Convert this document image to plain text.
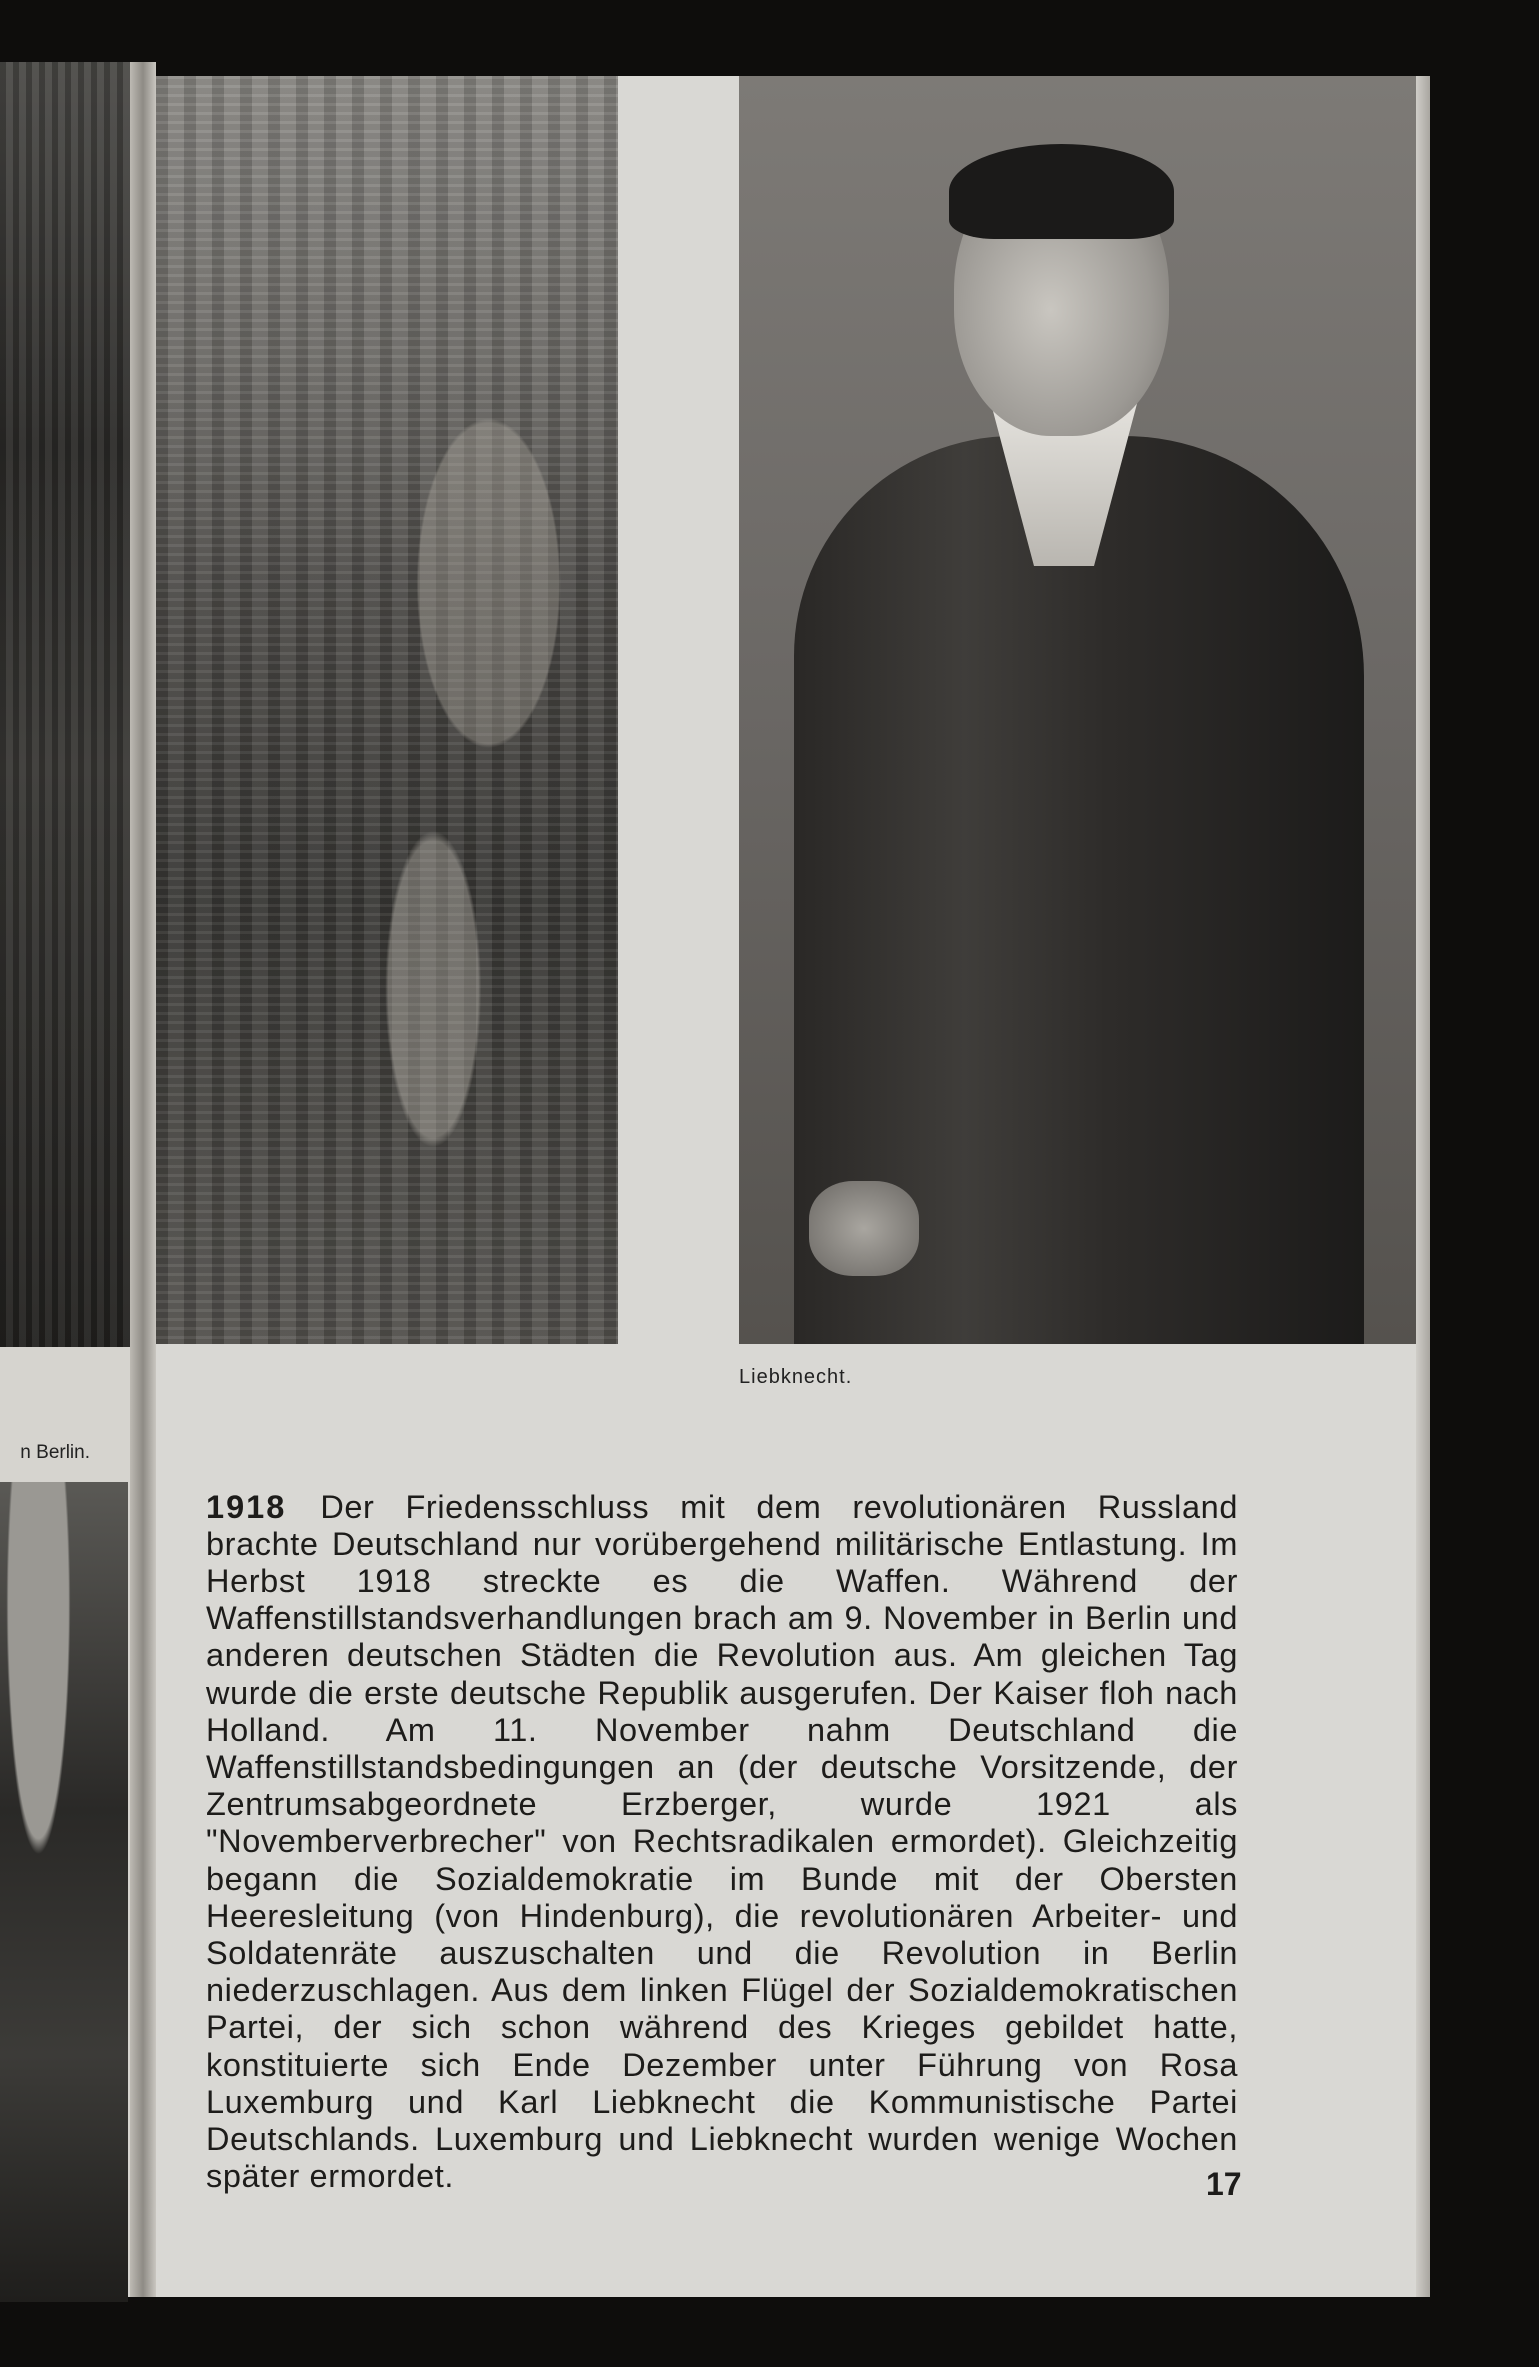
n Berlin.
Liebknecht.

1918 Der Friedensschluss mit dem revolutionären Russland brachte Deutschland nur vorübergehend militärische Entlastung. Im Herbst 1918 streckte es die Waffen. Während der Waffenstillstandsverhandlungen brach am 9. November in Berlin und anderen deutschen Städten die Revolution aus. Am gleichen Tag wurde die erste deutsche Republik ausgerufen. Der Kaiser floh nach Holland. Am 11. November nahm Deutschland die Waffenstillstandsbedingungen an (der deutsche Vorsitzende, der Zentrumsabgeordnete Erzberger, wurde 1921 als "Novemberverbrecher" von Rechtsradikalen ermordet). Gleichzeitig begann die Sozialdemokratie im Bunde mit der Obersten Heeresleitung (von Hindenburg), die revolutionären Arbeiter- und Soldatenräte auszuschalten und die Revolution in Berlin niederzuschlagen. Aus dem linken Flügel der Sozialdemokratischen Partei, der sich schon während des Krieges gebildet hatte, konstituierte sich Ende Dezember unter Führung von Rosa Luxemburg und Karl Liebknecht die Kommunistische Partei Deutschlands. Luxemburg und Liebknecht wurden wenige Wochen später ermordet.	17
